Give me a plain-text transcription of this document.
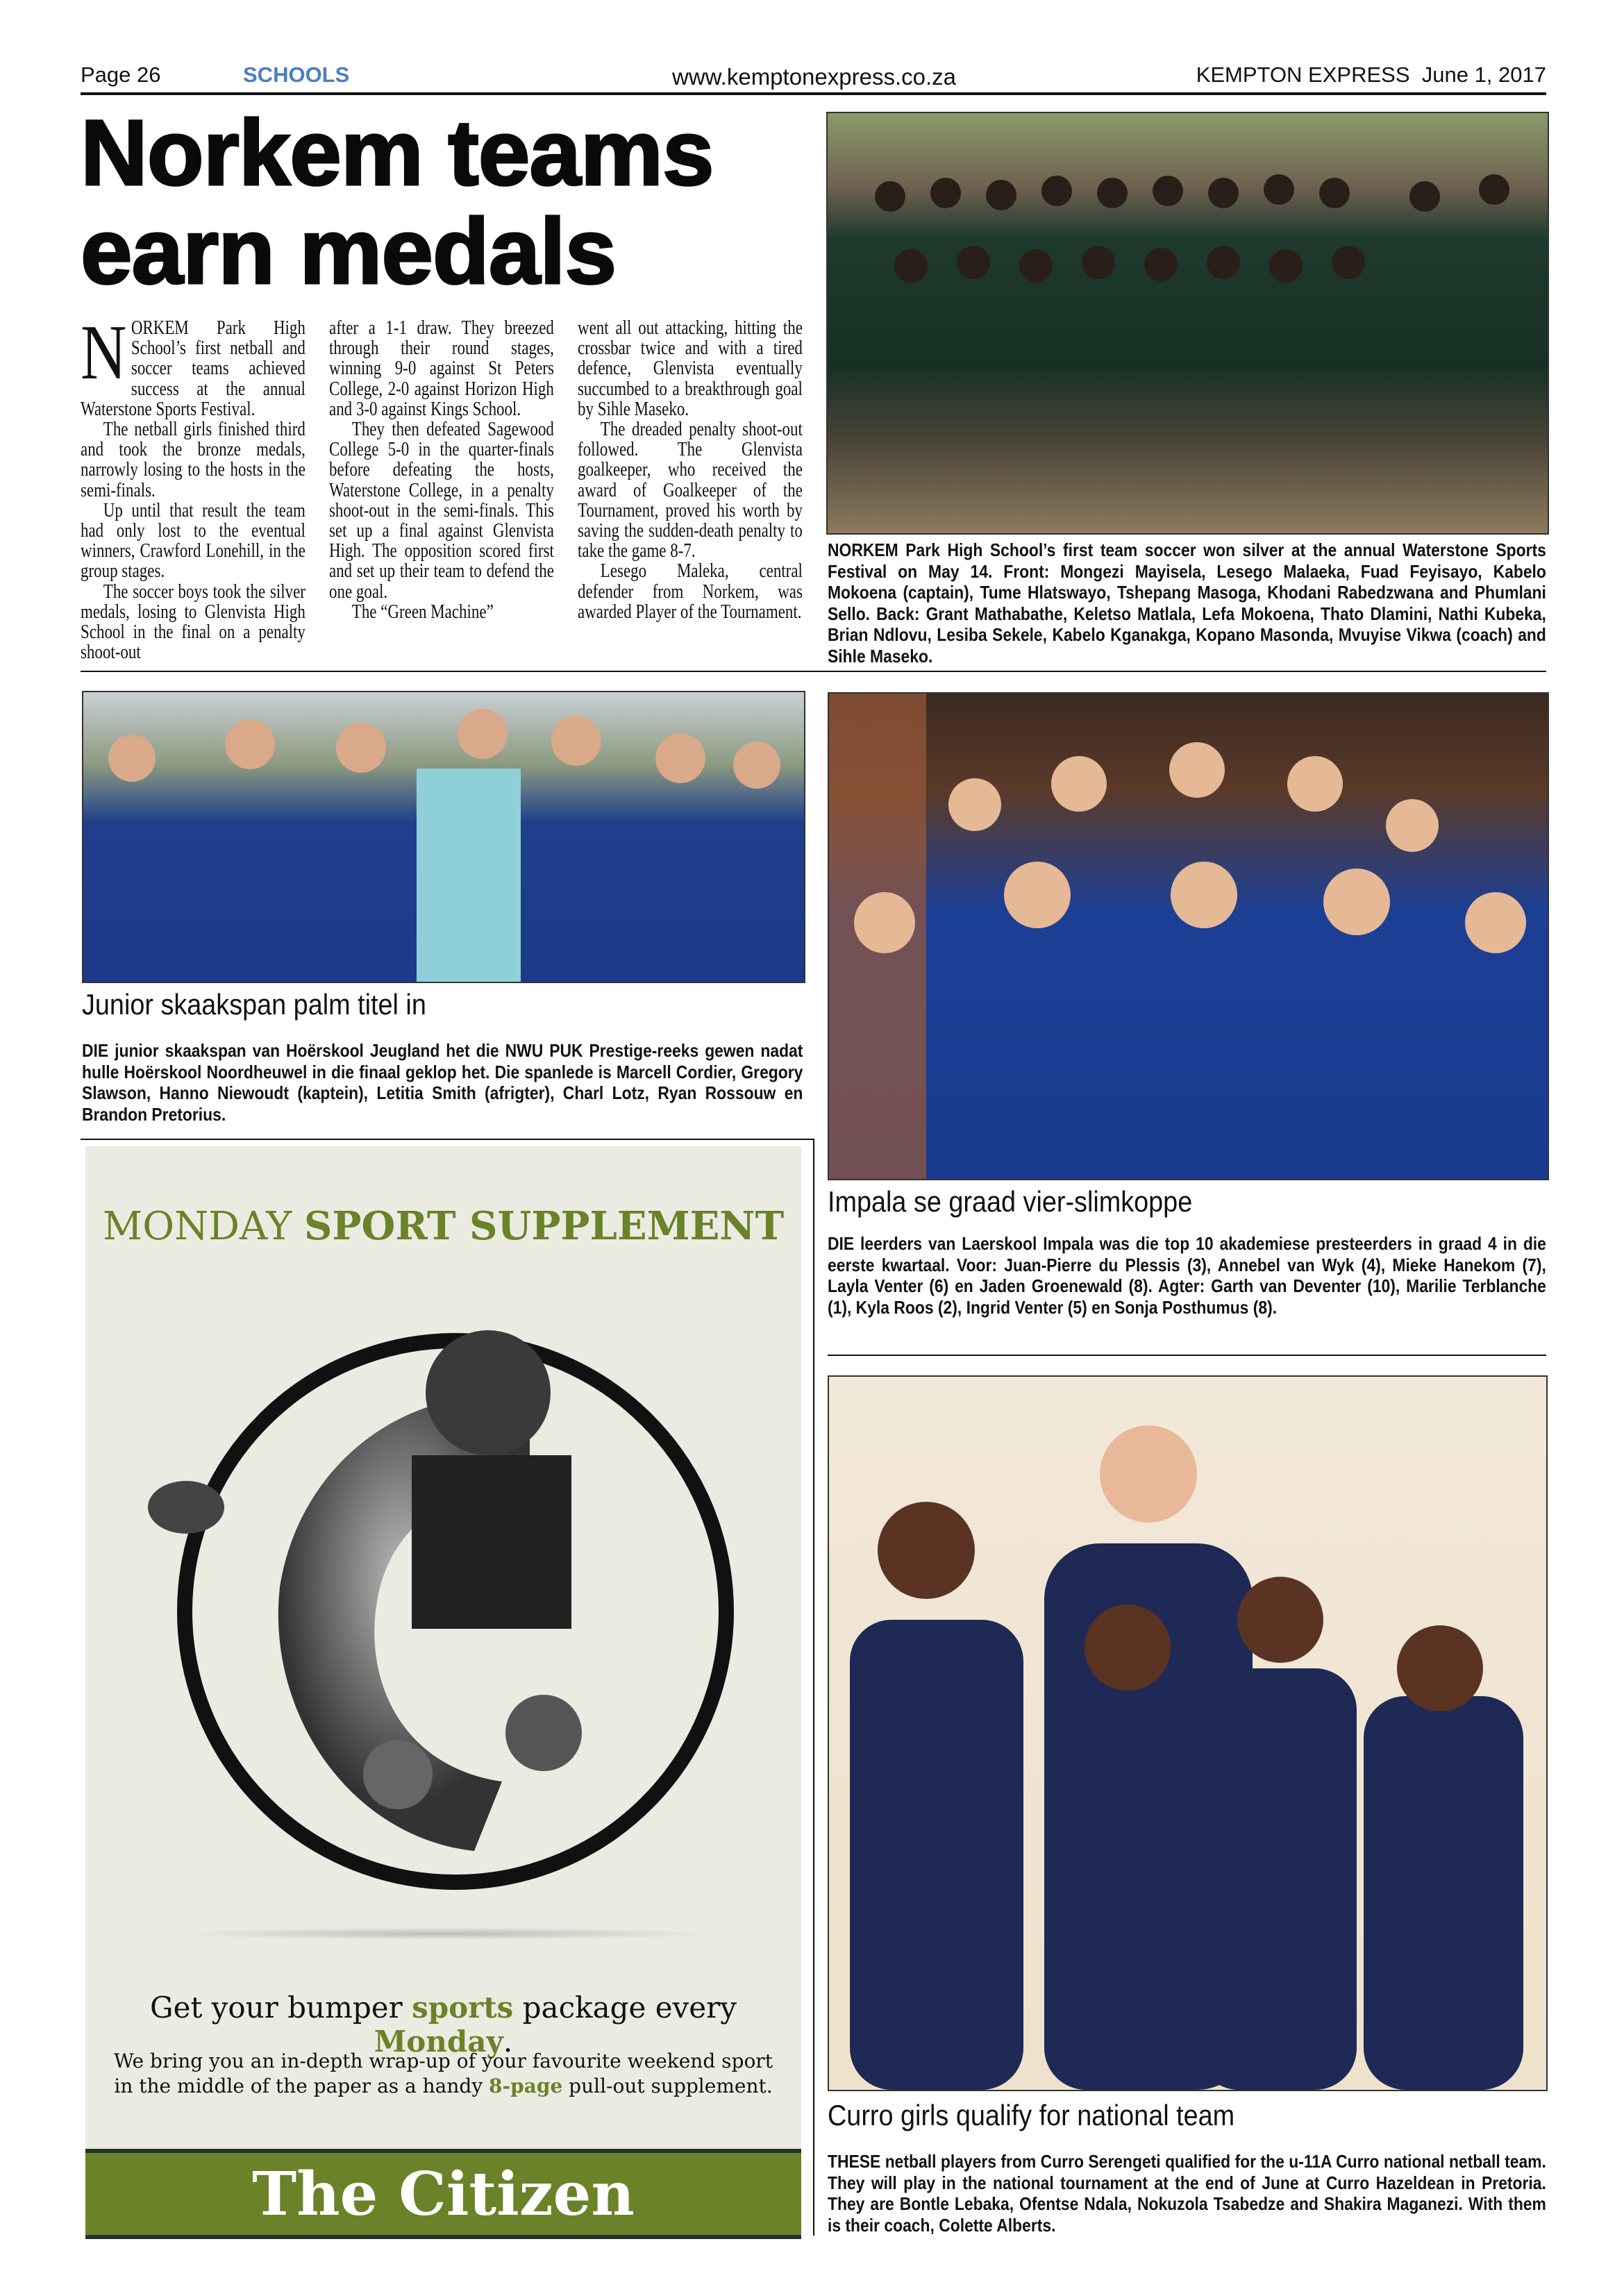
Page 26	SCHOOLS	www.kemptonexpress.co.za	KEMPTON EXPRESS June 1, 2017
Norkem teams
earn medals
N ORKEM Park High School’s first netball and soccer teams achieved success at the annual Waterstone Sports Festival.

The netball girls finished third and took the bronze medals, narrowly losing to the hosts in the semi-finals.

Up until that result the team had only lost to the eventual winners, Crawford Lonehill, in the group stages.

The soccer boys took the silver medals, losing to Glenvista High School in the final on a penalty shoot-out

after a 1-1 draw. They breezed through their round stages, winning 9-0 against St Peters College, 2-0 against Horizon High and 3-0 against Kings School.

They then defeated Sagewood College 5-0 in the quarter-finals before defeating the hosts, Waterstone College, in a penalty shoot-out in the semi-finals. This set up a final against Glenvista High. The opposition scored first and set up their team to defend the one goal.

The “Green Machine”

went all out attacking, hitting the crossbar twice and with a tired defence, Glenvista eventually succumbed to a breakthrough goal by Sihle Maseko.

The dreaded penalty shoot-out followed. The Glenvista goalkeeper, who received the award of Goalkeeper of the Tournament, proved his worth by saving the sudden-death penalty to take the game 8-7.

Lesego Maleka, central defender from Norkem, was awarded Player of the Tournament.

NORKEM Park High School’s first team soccer won silver at the annual Waterstone Sports Festival on May 14. Front: Mongezi Mayisela, Lesego Malaeka, Fuad Feyisayo, Kabelo Mokoena (captain), Tume Hlatswayo, Tshepang Masoga, Khodani Rabedzwana and Phumlani Sello. Back: Grant Mathabathe, Keletso Matlala, Lefa Mokoena, Thato Dlamini, Nathi Kubeka, Brian Ndlovu, Lesiba Sekele, Kabelo Kganakga, Kopano Masonda, Mvuyise Vikwa (coach) and Sihle Maseko.
Junior skaakspan palm titel in
DIE junior skaakspan van Hoërskool Jeugland het die NWU PUK Prestige-reeks gewen nadat hulle Hoërskool Noordheuwel in die finaal geklop het. Die spanlede is Marcell Cordier, Gregory Slawson, Hanno Niewoudt (kaptein), Letitia Smith (afrigter), Charl Lotz, Ryan Rossouw en Brandon Pretorius.
MONDAY SPORT SUPPLEMENT
Get your bumper sports package every Monday.
We bring you an in-depth wrap-up of your favourite weekend sport
in the middle of the paper as a handy 8-page pull-out supplement.
The Citizen
Impala se graad vier-slimkoppe
DIE leerders van Laerskool Impala was die top 10 akademiese presteerders in graad 4 in die eerste kwartaal. Voor: Juan-Pierre du Plessis (3), Annebel van Wyk (4), Mieke Hanekom (7), Layla Venter (6) en Jaden Groenewald (8). Agter: Garth van Deventer (10), Marilie Terblanche (1), Kyla Roos (2), Ingrid Venter (5) en Sonja Posthumus (8).
Curro girls qualify for national team
THESE netball players from Curro Serengeti qualified for the u-11A Curro national netball team. They will play in the national tournament at the end of June at Curro Hazeldean in Pretoria. They are Bontle Lebaka, Ofentse Ndala, Nokuzola Tsabedze and Shakira Maganezi. With them is their coach, Colette Alberts.
